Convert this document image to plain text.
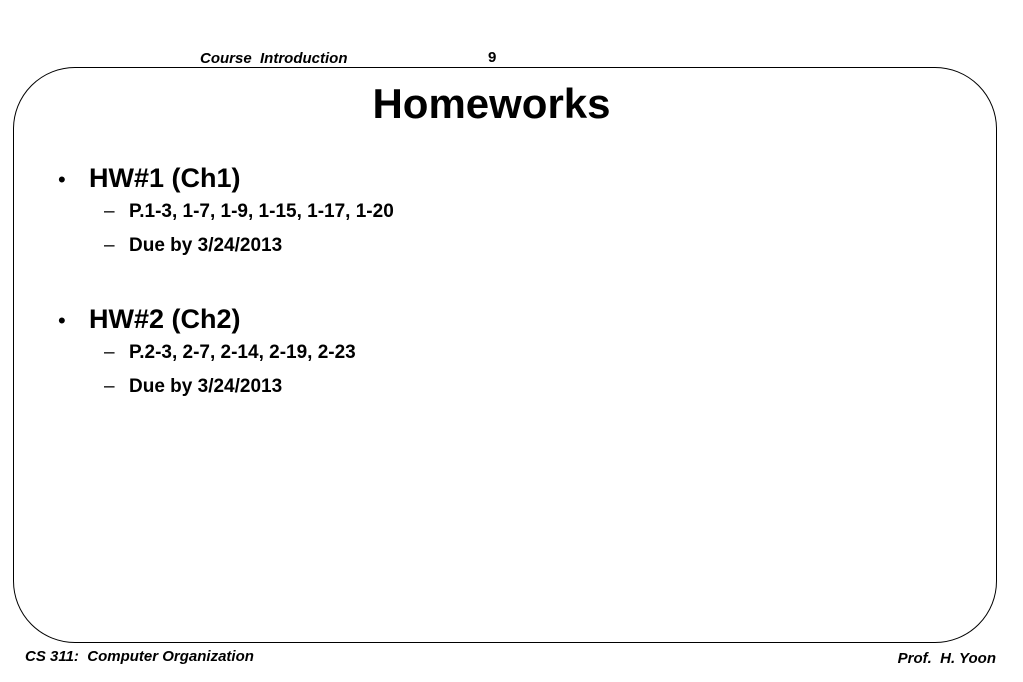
Course  Introduction	9
Homeworks
• HW#1 (Ch1)
– P.1-3, 1-7, 1-9, 1-15, 1-17, 1-20
– Due by 3/24/2013
• HW#2 (Ch2)
– P.2-3, 2-7, 2-14, 2-19, 2-23
– Due by 3/24/2013
CS 311:  Computer Organization	Prof.  H. Yoon
